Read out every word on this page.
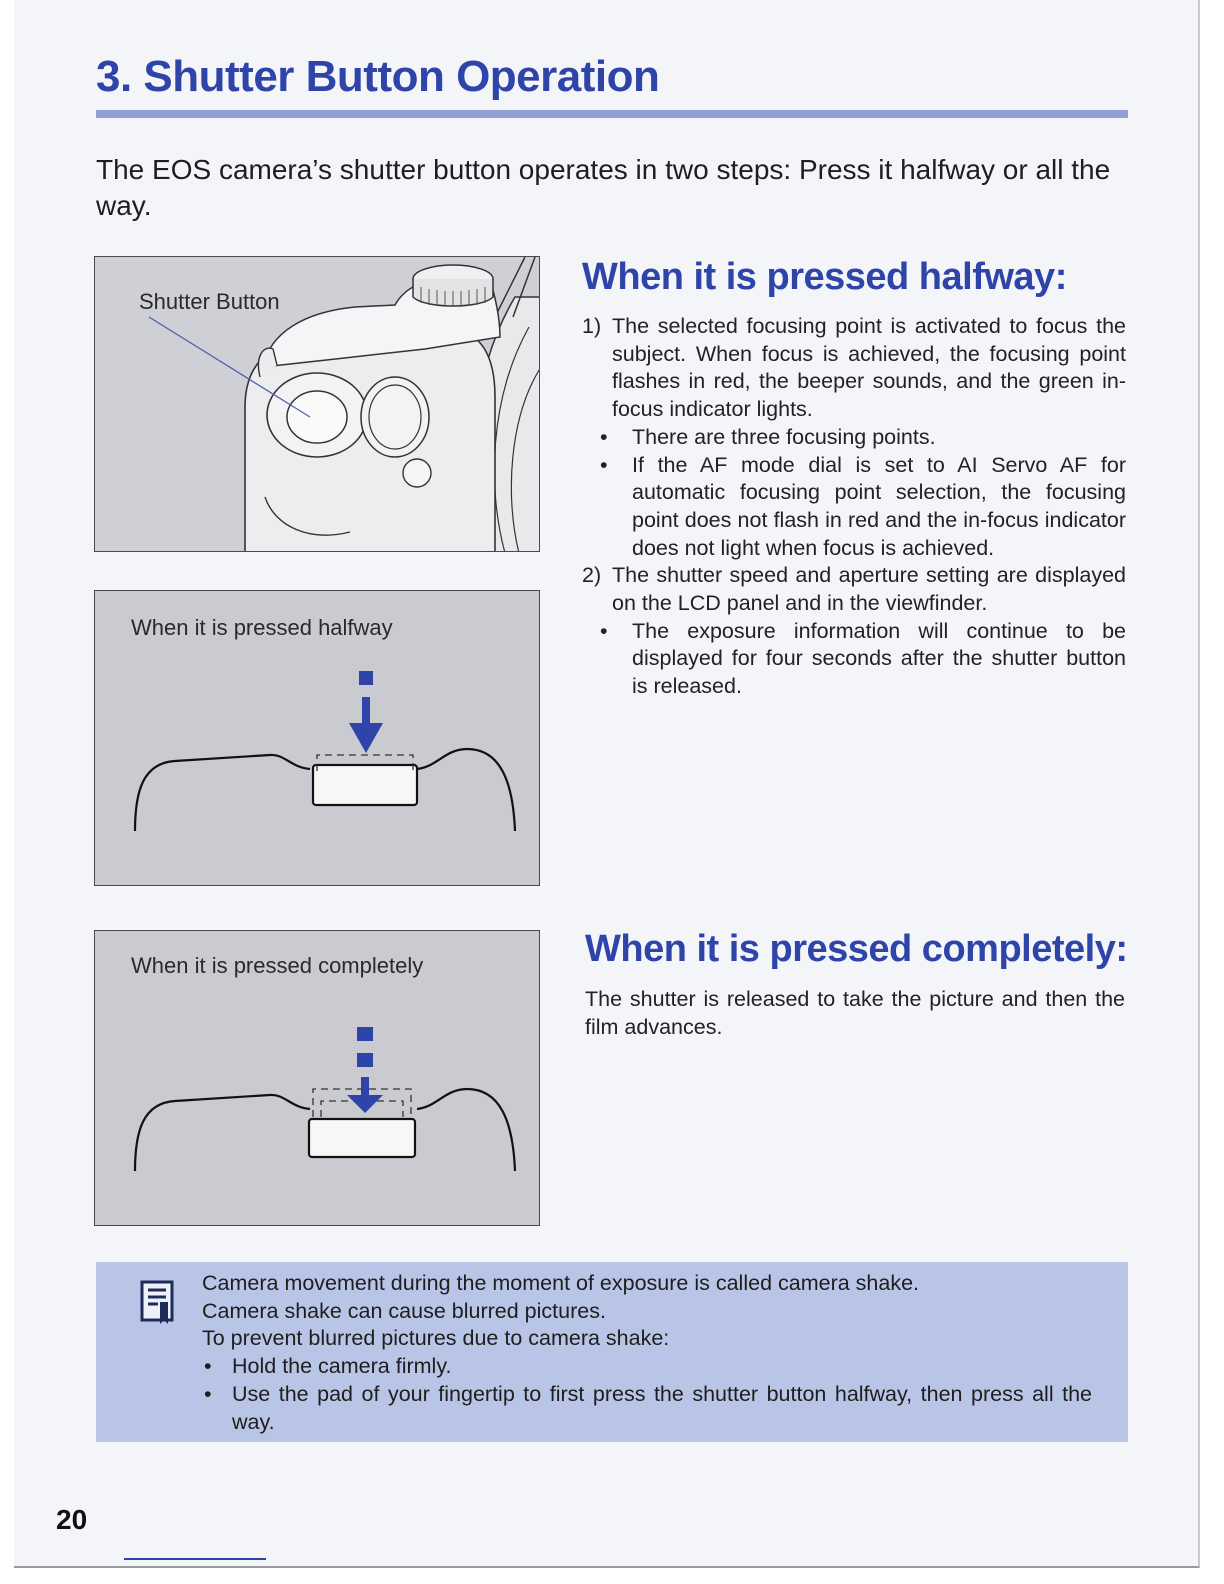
3. Shutter Button Operation
The EOS camera’s shutter button operates in two steps: Press it halfway or all the way.
Shutter Button
When it is pressed halfway
When it is pressed completely
When it is pressed halfway:
1) The selected focusing point is activated to focus the subject. When focus is achieved, the focusing point flashes in red, the beeper sounds, and the green in-focus indicator lights.
• There are three focusing points.
• If the AF mode dial is set to AI Servo AF for automatic focusing point selection, the focusing point does not flash in red and the in-focus indicator does not light when focus is achieved.
2) The shutter speed and aperture setting are displayed on the LCD panel and in the viewfinder.
• The exposure information will continue to be displayed for four seconds after the shutter button is released.
When it is pressed completely:
The shutter is released to take the picture and then the film advances.
Camera movement during the moment of exposure is called camera shake.
Camera shake can cause blurred pictures.
To prevent blurred pictures due to camera shake:
• Hold the camera firmly.
• Use the pad of your fingertip to first press the shutter button halfway, then press all the way.
20
